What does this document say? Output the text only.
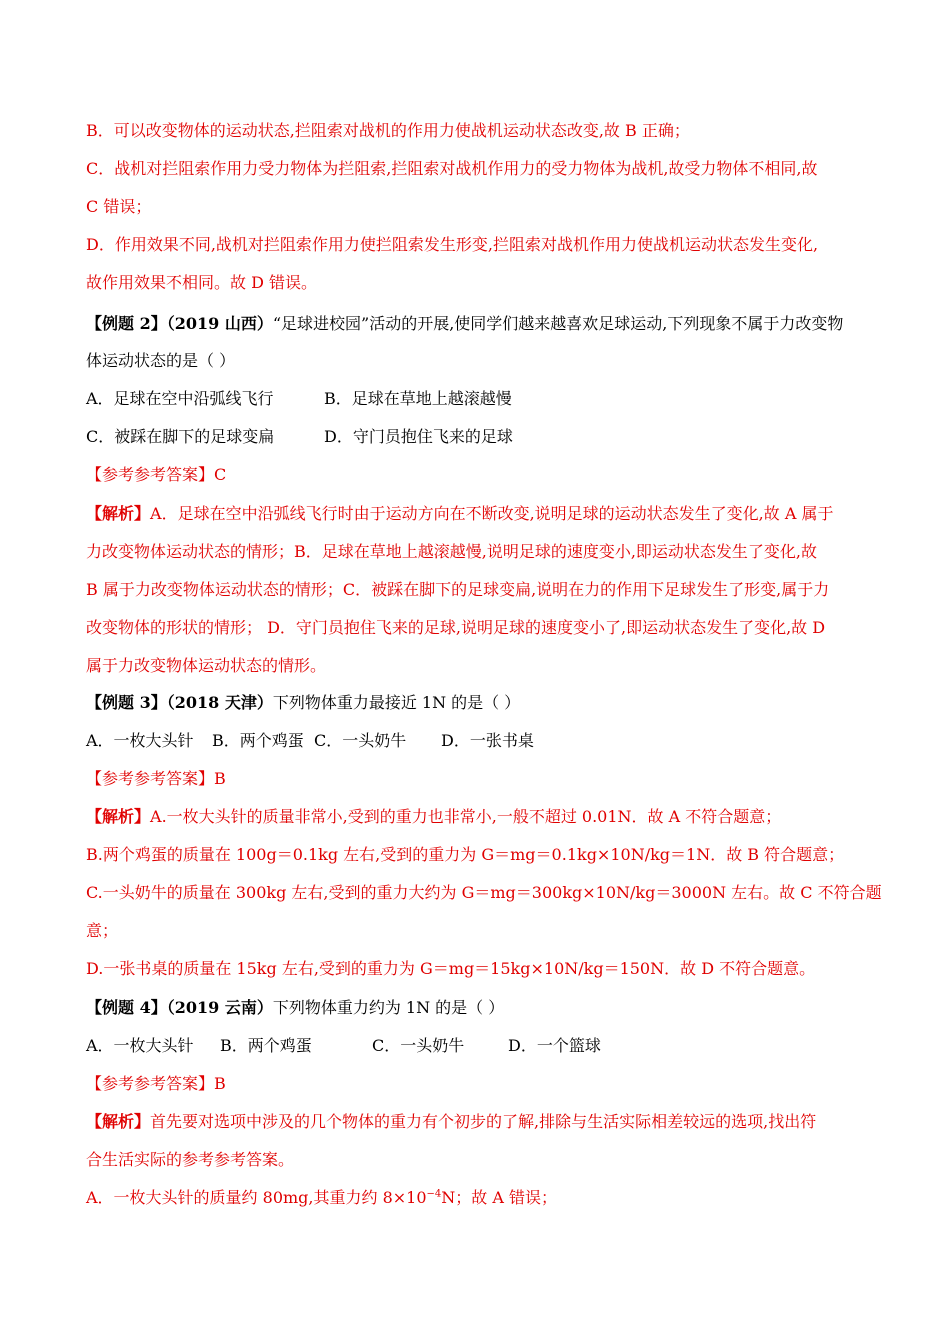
B．可以改变物体的运动状态,拦阻索对战机的作用力使战机运动状态改变,故 B 正确；

C．战机对拦阻索作用力受力物体为拦阻索,拦阻索对战机作用力的受力物体为战机,故受力物体不相同,故

C 错误；

D．作用效果不同,战机对拦阻索作用力使拦阻索发生形变,拦阻索对战机作用力使战机运动状态发生变化,

故作用效果不相同。故 D 错误。

【例题 2】（2019 山西）“足球进校园”活动的开展,使同学们越来越喜欢足球运动,下列现象不属于力改变物

体运动状态的是（ ）

A．足球在空中沿弧线飞行	B．足球在草地上越滚越慢

C．被踩在脚下的足球变扁	D．守门员抱住飞来的足球

【参考参考答案】C

【解析】A．足球在空中沿弧线飞行时由于运动方向在不断改变,说明足球的运动状态发生了变化,故 A 属于

力改变物体运动状态的情形；B．足球在草地上越滚越慢,说明足球的速度变小,即运动状态发生了变化,故

B 属于力改变物体运动状态的情形；C．被踩在脚下的足球变扁,说明在力的作用下足球发生了形变,属于力

改变物体的形状的情形； D．守门员抱住飞来的足球,说明足球的速度变小了,即运动状态发生了变化,故 D

属于力改变物体运动状态的情形。

【例题 3】（2018 天津）下列物体重力最接近 1N 的是（ ）

A．一枚大头针 B．两个鸡蛋 C．一头奶牛 D．一张书桌

【参考参考答案】B

【解析】A.一枚大头针的质量非常小,受到的重力也非常小,一般不超过 0.01N．故 A 不符合题意；

B.两个鸡蛋的质量在 100g＝0.1kg 左右,受到的重力为 G＝mg＝0.1kg×10N/kg＝1N．故 B 符合题意；

C.一头奶牛的质量在 300kg 左右,受到的重力大约为 G＝mg＝300kg×10N/kg＝3000N 左右。故 C 不符合题

意；

D.一张书桌的质量在 15kg 左右,受到的重力为 G＝mg＝15kg×10N/kg＝150N．故 D 不符合题意。

【例题 4】（2019 云南）下列物体重力约为 1N 的是（ ）

A．一枚大头针 B．两个鸡蛋	C．一头奶牛	D．一个篮球

【参考参考答案】B

【解析】首先要对选项中涉及的几个物体的重力有个初步的了解,排除与生活实际相差较远的选项,找出符

合生活实际的参考参考答案。

A．一枚大头针的质量约 80mg,其重力约 $8\times 10^{-4}N$；故 A 错误；
